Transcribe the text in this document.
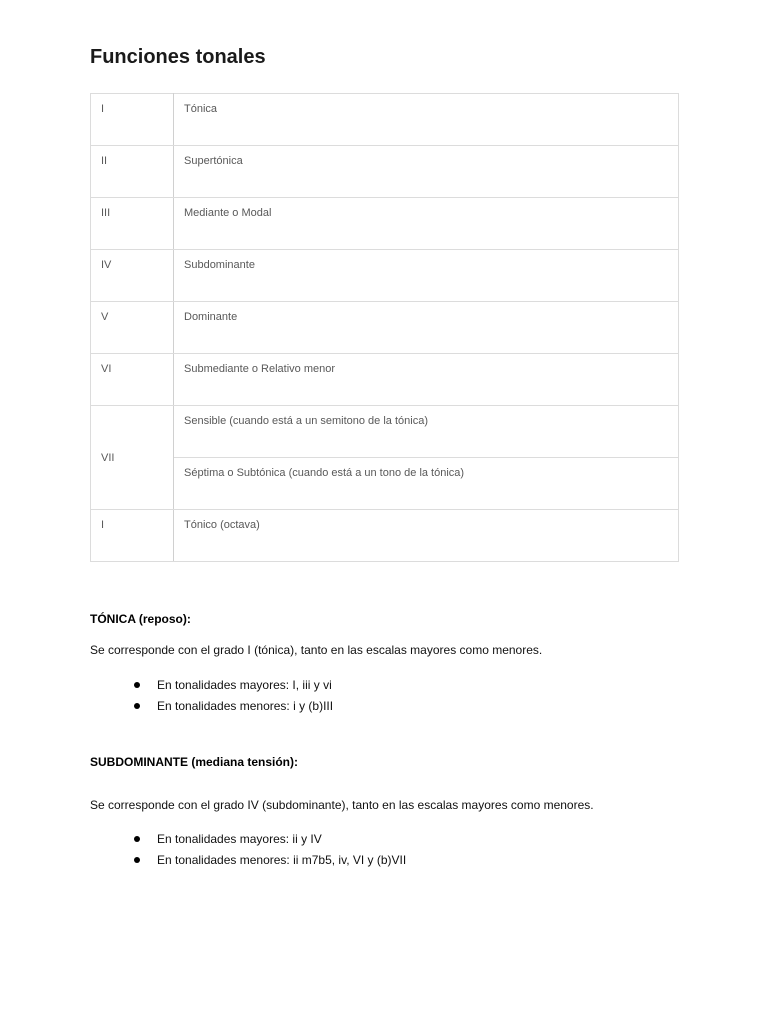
Funciones tonales
I	Tónica
II	Supertónica
III	Mediante o Modal
IV	Subdominante
V	Dominante
VI	Submediante o Relativo menor
VII	Sensible (cuando está a un semitono de la tónica)
	Séptima o Subtónica (cuando está a un tono de la tónica)
I	Tónico (octava)
TÓNICA (reposo):

Se corresponde con el grado I (tónica), tanto en las escalas mayores como menores.

En tonalidades mayores: I, iii y vi
En tonalidades menores: i y (b)III
SUBDOMINANTE (mediana tensión):

Se corresponde con el grado IV (subdominante), tanto en las escalas mayores como menores.

En tonalidades mayores: ii y IV
En tonalidades menores: ii m7b5, iv, VI y (b)VII
